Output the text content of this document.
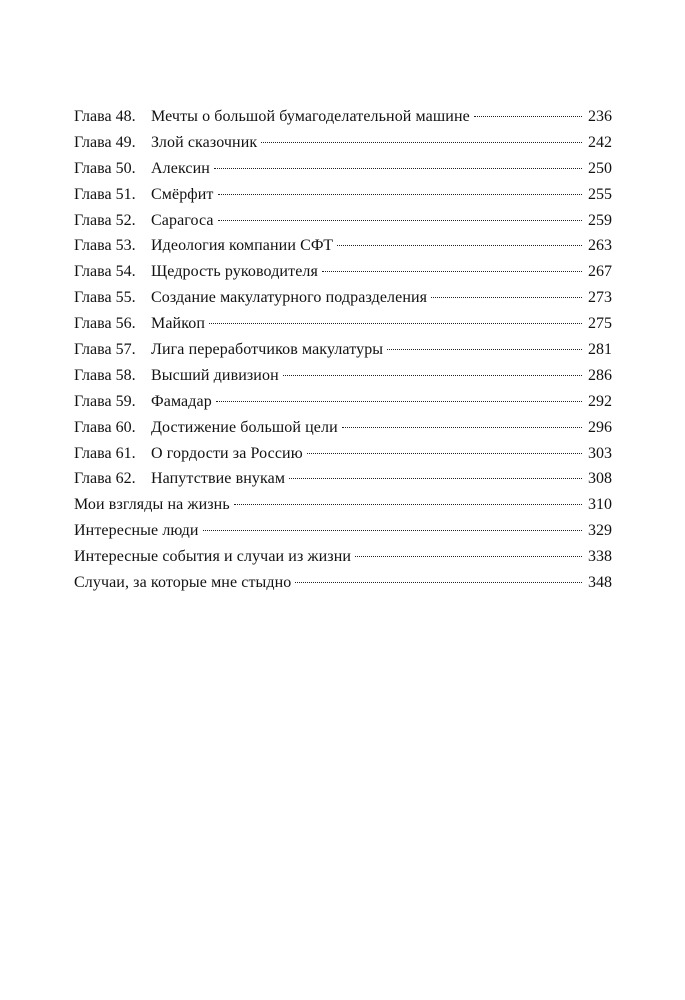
Глава 48. Мечты о большой бумагоделательной машине	236
Глава 49. Злой сказочник	242
Глава 50. Алексин	250
Глава 51. Смёрфит	255
Глава 52. Сарагоса	259
Глава 53. Идеология компании СФТ	263
Глава 54. Щедрость руководителя	267
Глава 55. Создание макулатурного подразделения	273
Глава 56. Майкоп	275
Глава 57. Лига переработчиков макулатуры	281
Глава 58. Высший дивизион	286
Глава 59. Фамадар	292
Глава 60. Достижение большой цели	296
Глава 61. О гордости за Россию	303
Глава 62. Напутствие внукам	308
Мои взгляды на жизнь	310
Интересные люди	329
Интересные события и случаи из жизни	338
Случаи, за которые мне стыдно	348
